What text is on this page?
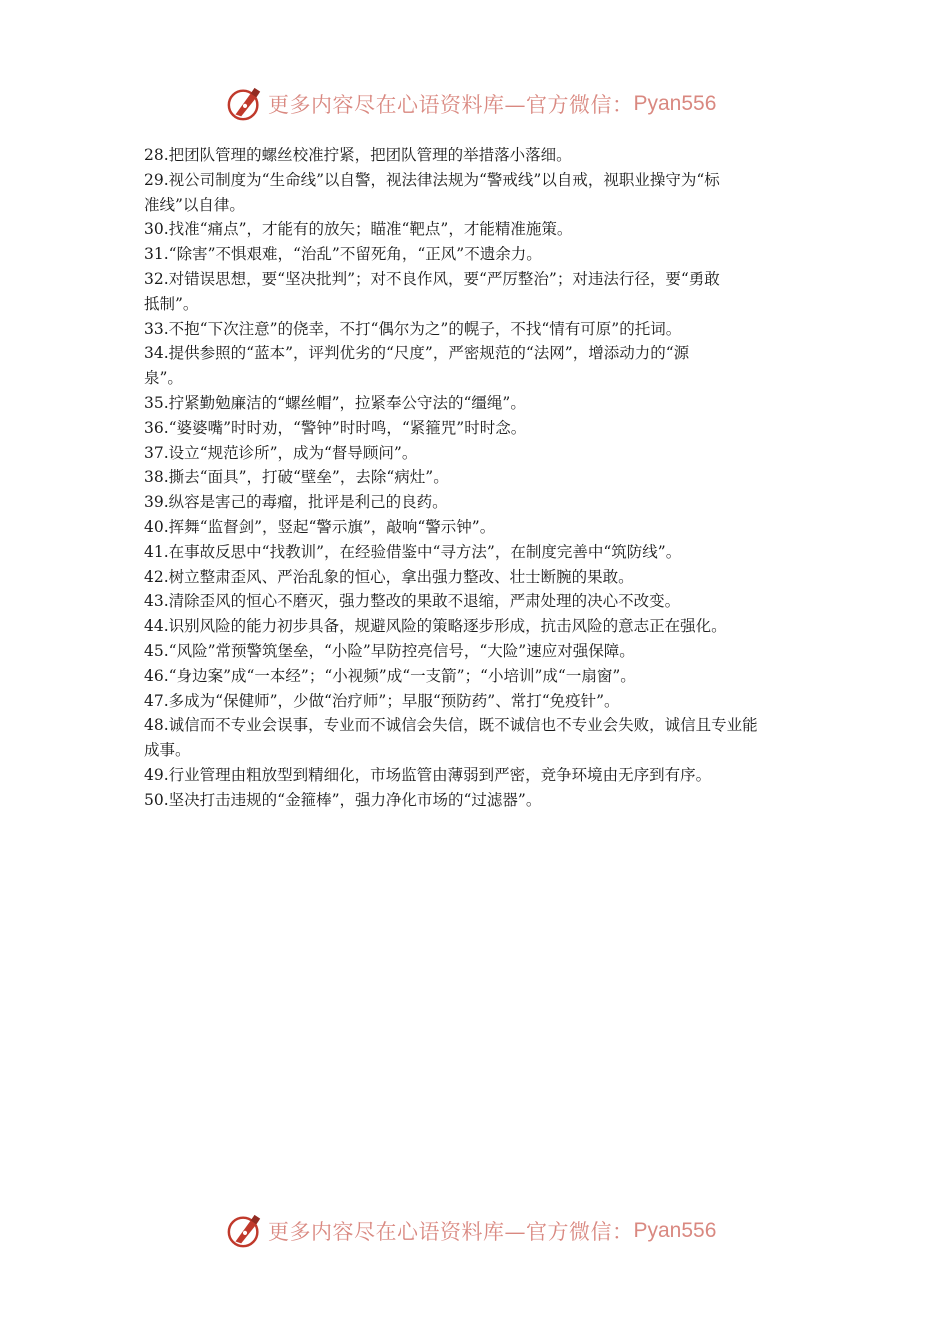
更多内容尽在心语资料库—官方微信： Pyan556
28.把团队管理的螺丝校准拧紧，把团队管理的举措落小落细。
29.视公司制度为“生命线”以自警，视法律法规为“警戒线”以自戒，视职业操守为“标
准线”以自律。
30.找准“痛点”，才能有的放矢；瞄准“靶点”，才能精准施策。
31.“除害”不惧艰难，“治乱”不留死角，“正风”不遗余力。
32.对错误思想，要“坚决批判”；对不良作风，要“严厉整治”；对违法行径，要“勇敢
抵制”。
33.不抱“下次注意”的侥幸，不打“偶尔为之”的幌子，不找“情有可原”的托词。
34.提供参照的“蓝本”，评判优劣的“尺度”，严密规范的“法网”，增添动力的“源
泉”。
35.拧紧勤勉廉洁的“螺丝帽”，拉紧奉公守法的“缰绳”。
36.“婆婆嘴”时时劝，“警钟”时时鸣，“紧箍咒”时时念。
37.设立“规范诊所”，成为“督导顾问”。
38.撕去“面具”，打破“壁垒”，去除“病灶”。
39.纵容是害己的毒瘤，批评是利己的良药。
40.挥舞“监督剑”，竖起“警示旗”，敲响“警示钟”。
41.在事故反思中“找教训”，在经验借鉴中“寻方法”，在制度完善中“筑防线”。
42.树立整肃歪风、严治乱象的恒心，拿出强力整改、壮士断腕的果敢。
43.清除歪风的恒心不磨灭，强力整改的果敢不退缩，严肃处理的决心不改变。
44.识别风险的能力初步具备，规避风险的策略逐步形成，抗击风险的意志正在强化。
45.“风险”常预警筑堡垒，“小险”早防控亮信号，“大险”速应对强保障。
46.“身边案”成“一本经”；“小视频”成“一支箭”；“小培训”成“一扇窗”。
47.多成为“保健师”，少做“治疗师”；早服“预防药”、常打“免疫针”。
48.诚信而不专业会误事，专业而不诚信会失信，既不诚信也不专业会失败，诚信且专业能
成事。
49.行业管理由粗放型到精细化，市场监管由薄弱到严密，竞争环境由无序到有序。
50.坚决打击违规的“金箍棒”，强力净化市场的“过滤器”。
更多内容尽在心语资料库—官方微信： Pyan556
